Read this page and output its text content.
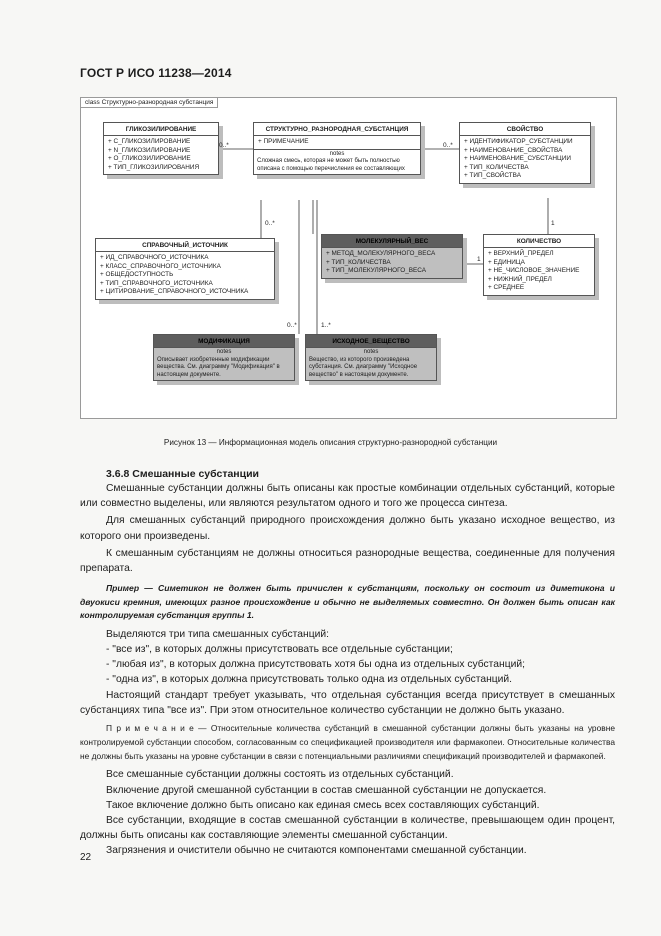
ГОСТ Р ИСО 11238—2014
class Структурно-разнородная субстанция
ГЛИКОЗИЛИРОВАНИЕ
+ С_ГЛИКОЗИЛИРОВАНИЕ
+ N_ГЛИКОЗИЛИРОВАНИЕ
+ О_ГЛИКОЗИЛИРОВАНИЕ
+ ТИП_ГЛИКОЗИЛИРОВАНИЯ
0..*
СТРУКТУРНО_РАЗНОРОДНАЯ_СУБСТАНЦИЯ
+ ПРИМЕЧАНИЕ
notes
Сложная смесь, которая не может быть полностью описана с помощью перечисления ее составляющих
СВОЙСТВО
+ ИДЕНТИФИКАТОР_СУБСТАНЦИИ
+ НАИМЕНОВАНИЕ_СВОЙСТВА
+ НАИМЕНОВАНИЕ_СУБСТАНЦИИ
+ ТИП_КОЛИЧЕСТВА
+ ТИП_СВОЙСТВА
0..*
0..*
СПРАВОЧНЫЙ_ИСТОЧНИК
+ ИД_СПРАВОЧНОГО_ИСТОЧНИКА
+ КЛАСС_СПРАВОЧНОГО_ИСТОЧНИКА
+ ОБЩЕДОСТУПНОСТЬ
+ ТИП_СПРАВОЧНОГО_ИСТОЧНИКА
+ ЦИТИРОВАНИЕ_СПРАВОЧНОГО_ИСТОЧНИКА
МОЛЕКУЛЯРНЫЙ_ВЕС
+ МЕТОД_МОЛЕКУЛЯРНОГО_ВЕСА
+ ТИП_КОЛИЧЕСТВА
+ ТИП_МОЛЕКУЛЯРНОГО_ВЕСА
1
1
КОЛИЧЕСТВО
+ ВЕРХНИЙ_ПРЕДЕЛ
+ ЕДИНИЦА
+ НЕ_ЧИСЛОВОЕ_ЗНАЧЕНИЕ
+ НИЖНИЙ_ПРЕДЕЛ
+ СРЕДНЕЕ
0..*	1..*
МОДИФИКАЦИЯ
notes
Описывает изобретенные модификации вещества. См. диаграмму "Модификация" в настоящем документе.
ИСХОДНОЕ_ВЕЩЕСТВО
notes
Вещество, из которого произведена субстанция. См. диаграмму "Исходное вещество" в настоящем документе.
Рисунок 13 — Информационная модель описания структурно-разнородной субстанции
3.6.8 Смешанные субстанции

Смешанные субстанции должны быть описаны как простые комбинации отдельных субстанций, которые или совместно выделены, или являются результатом одного и того же процесса синтеза.

Для смешанных субстанций природного происхождения должно быть указано исходное вещество, из которого они произведены.

К смешанным субстанциям не должны относиться разнородные вещества, соединенные для получения препарата.

Пример — Симетикон не должен быть причислен к субстанциям, поскольку он состоит из диметикона и двуокиси кремния, имеющих разное происхождение и обычно не выделяемых совместно. Он должен быть описан как контролируемая субстанция группы 1.

Выделяются три типа смешанных субстанций:

- "все из", в которых должны присутствовать все отдельные субстанции;

- "любая из", в которых должна присутствовать хотя бы одна из отдельных субстанций;

- "одна из", в которых должна присутствовать только одна из отдельных субстанций.

Настоящий стандарт требует указывать, что отдельная субстанция всегда присутствует в смешанных субстанциях типа "все из". При этом относительное количество субстанции не должно быть указано.

П р и м е ч а н и е — Относительные количества субстанций в смешанной субстанции должны быть указаны на уровне контролируемой субстанции способом, согласованным со спецификацией производителя или фармакопеи. Относительные количества не должны быть указаны на уровне субстанции в связи с потенциальными различиями спецификаций производителей и фармакопей.

Все смешанные субстанции должны состоять из отдельных субстанций.

Включение другой смешанной субстанции в состав смешанной субстанции не допускается.

Такое включение должно быть описано как единая смесь всех составляющих субстанций.

Все субстанции, входящие в состав смешанной субстанции в количестве, превышающем один процент, должны быть описаны как составляющие элементы смешанной субстанции.

Загрязнения и очистители обычно не считаются компонентами смешанной субстанции.

22
